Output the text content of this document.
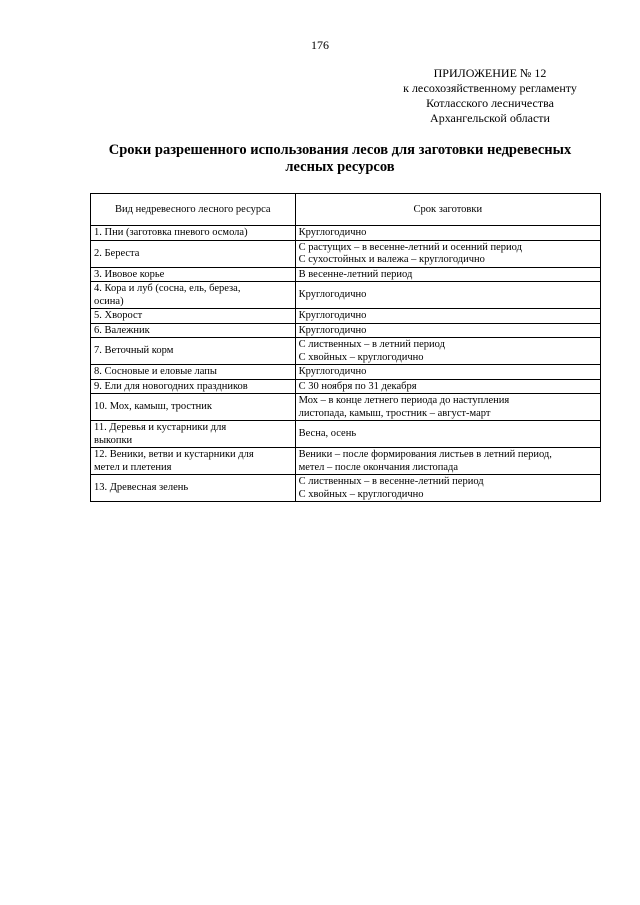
176
ПРИЛОЖЕНИЕ № 12
к лесохозяйственному регламенту
Котласского лесничества
Архангельской области
Сроки разрешенного использования лесов для заготовки недревесных
лесных ресурсов
Вид недревесного лесного ресурса	Срок заготовки

1. Пни (заготовка пневого осмола)	Круглогодично

2. Береста	С растущих – в весенне-летний и осенний период
С сухостойных и валежа – круглогодично

3. Ивовое корье	В весенне-летний период

4. Кора и луб (сосна, ель, береза,
осина)	Круглогодично

5. Хворост	Круглогодично

6. Валежник	Круглогодично

7. Веточный корм	С лиственных – в летний период
С хвойных – круглогодично

8. Сосновые и еловые лапы	Круглогодично

9. Ели для новогодних праздников	С 30 ноября по 31 декабря

10. Мох, камыш, тростник	Мох – в конце летнего периода до наступления
листопада, камыш, тростник – август-март

11. Деревья и кустарники для
выкопки	Весна, осень

12. Веники, ветви и кустарники для
метел и плетения	Веники – после формирования листьев в летний период,
метел – после окончания листопада

13. Древесная зелень	С лиственных – в весенне-летний период
С хвойных – круглогодично
